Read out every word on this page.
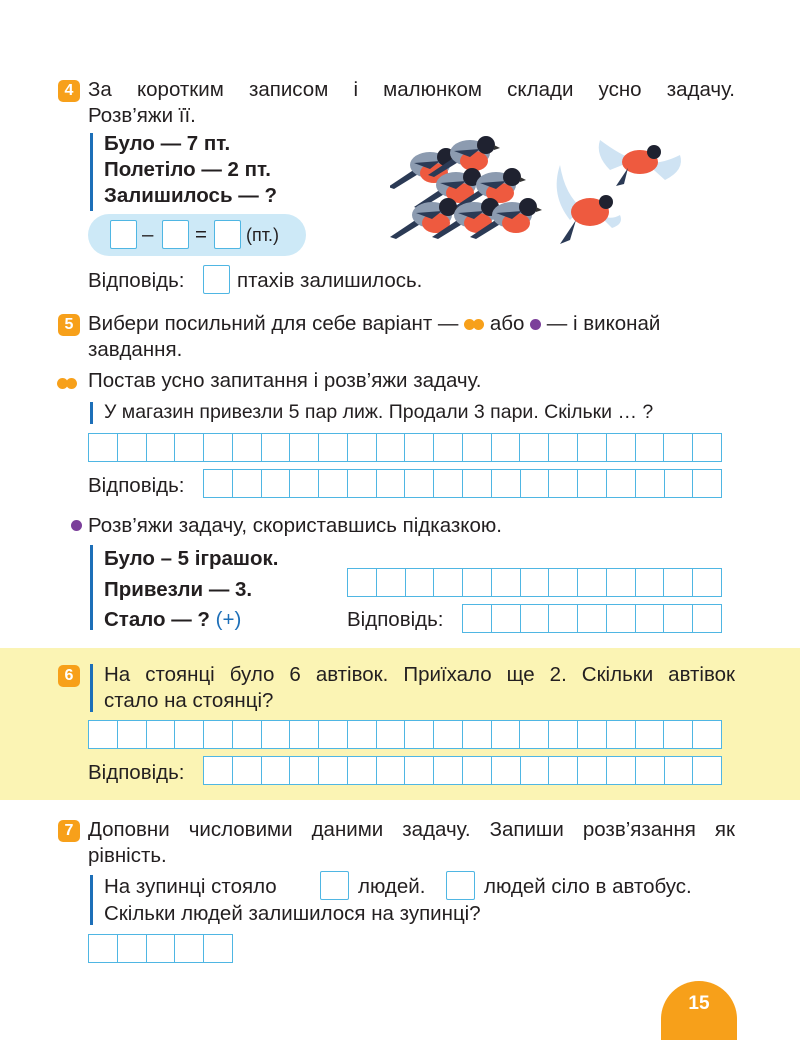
4 За коротким записом і малюнком склади усно задачу.
Розв’яжи її.
Було — 7 пт.
Полетіло — 2 пт.
Залишилось — ?
– = (пт.)
Відповідь:	птахів залишилось.
5 Вибери посильний для себе варіант — або — і виконай
завдання.
Постав усно запитання і розв’яжи задачу.
У магазин привезли 5 пар лиж. Продали 3 пари. Скільки … ?
Відповідь:
Розв’яжи задачу, скориставшись підказкою.
Було – 5 іграшок.
Привезли — 3.
Стало — ? (+)	Відповідь:
6	На стоянці було 6 автівок. Приїхало ще 2. Скільки автівок
стало на стоянці?
Відповідь:
7 Доповни числовими даними задачу. Запиши розв’язання як
рівність.
На зупинці стояло	людей.	людей сіло в автобус.
Скільки людей залишилося на зупинці?
15
